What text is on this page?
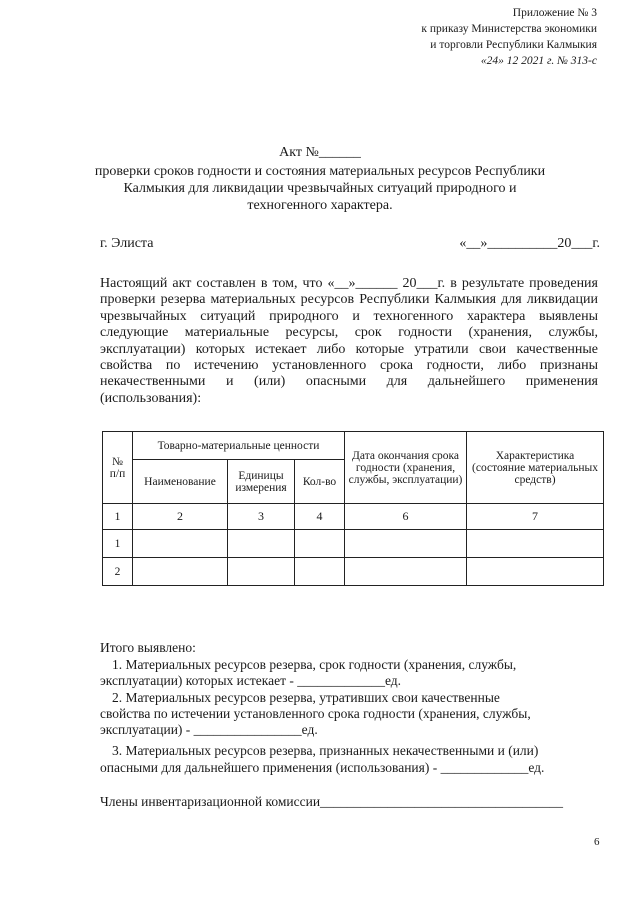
Приложение № 3
к приказу Министерства экономики
и торговли Республики Калмыкия
«24» 12 2021 г. № 313-с
Акт №______
проверки сроков годности и состояния материальных ресурсов Республики
Калмыкия для ликвидации чрезвычайных ситуаций природного и
техногенного характера.
г. Элиста	«__»__________20___г.
Настоящий акт составлен в том, что «__»______ 20___г. в результате проведения проверки резерва материальных ресурсов Республики Калмыкия для ликвидации чрезвычайных ситуаций природного и техногенного характера выявлены следующие материальные ресурсы, срок годности (хранения, службы, эксплуатации) которых истекает либо которые утратили свои качественные свойства по истечению установленного срока годности, либо признаны некачественными и (или) опасными для дальнейшего применения (использования):
№ п/п	Товарно-материальные ценности			Дата окончания срока годности (хранения, службы, эксплуатации)	Характеристика (состояние материальных средств)
	Наименование	Единицы измерения	Кол-во		
1	2	3	4	6	7
1					
2					
Итого выявлено:
1. Материальных ресурсов резерва, срок годности (хранения, службы,
эксплуатации) которых истекает - _____________ед.
2. Материальных ресурсов резерва, утративших свои качественные
свойства по истечении установленного срока годности (хранения, службы,
эксплуатации) - ________________ед.
3. Материальных ресурсов резерва, признанных некачественными и (или)
опасными для дальнейшего применения (использования) - _____________ед.
Члены инвентаризационной комиссии____________________________________
6
